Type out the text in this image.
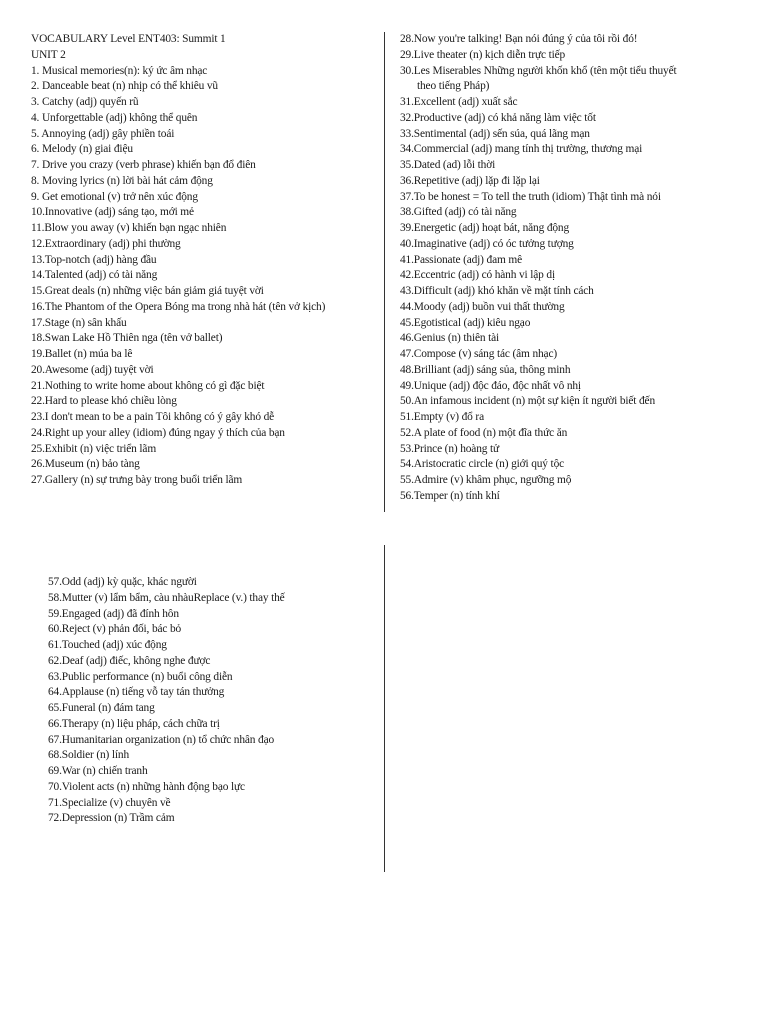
VOCABULARY Level ENT403: Summit 1
UNIT 2
1. Musical memories(n): ký ức âm nhạc
2. Danceable beat (n) nhịp có thể khiêu vũ
3. Catchy (adj) quyến rũ
4. Unforgettable (adj) không thể quên
5. Annoying (adj) gây phiền toái
6. Melody (n) giai điệu
7. Drive you crazy (verb phrase) khiến bạn đổ điên
8. Moving lyrics (n) lời bài hát cảm động
9. Get emotional (v) trở nên xúc động
10.Innovative (adj) sáng tạo, mới mẻ
11.Blow you away (v) khiến bạn ngạc nhiên
12.Extraordinary (adj) phi thường
13.Top-notch (adj) hàng đầu
14.Talented (adj) có tài năng
15.Great deals (n) những việc bán giảm giá tuyệt vời
16.The Phantom of the Opera Bóng ma trong nhà hát (tên vở kịch)
17.Stage (n) sân khấu
18.Swan Lake Hồ Thiên nga (tên vở ballet)
19.Ballet (n) múa ba lê
20.Awesome (adj) tuyệt vời
21.Nothing to write home about không có gì đặc biệt
22.Hard to please khó chiều lòng
23.I don't mean to be a pain Tôi không có ý gây khó dễ
24.Right up your alley (idiom) đúng ngay ý thích của bạn
25.Exhibit (n) việc triển lãm
26.Museum (n) bảo tàng
27.Gallery (n) sự trưng bày trong buổi triển lãm
28.Now you're talking! Bạn nói đúng ý của tôi rồi đó!
29.Live theater (n) kịch diễn trực tiếp
30.Les Miserables Những người khốn khổ (tên một tiểu thuyết
theo tiếng Pháp)
31.Excellent (adj) xuất sắc
32.Productive (adj) có khả năng làm việc tốt
33.Sentimental (adj) sến súa, quá lãng mạn
34.Commercial (adj) mang tính thị trường, thương mại
35.Dated (ad) lỗi thời
36.Repetitive (adj) lặp đi lặp lại
37.To be honest = To tell the truth (idiom) Thật tình mà nói
38.Gifted (adj) có tài năng
39.Energetic (adj) hoạt bát, năng động
40.Imaginative (adj) có óc tưởng tượng
41.Passionate (adj) đam mê
42.Eccentric (adj) có hành vi lập dị
43.Difficult (adj) khó khăn về mặt tính cách
44.Moody (adj) buồn vui thất thường
45.Egotistical (adj) kiêu ngạo
46.Genius (n) thiên tài
47.Compose (v) sáng tác (âm nhạc)
48.Brilliant (adj) sáng sủa, thông minh
49.Unique (adj) độc đáo, độc nhất vô nhị
50.An infamous incident (n) một sự kiện ít người biết đến
51.Empty (v) đổ ra
52.A plate of food (n) một đĩa thức ăn
53.Prince (n) hoàng tử
54.Aristocratic circle (n) giới quý tộc
55.Admire (v) khâm phục, ngưỡng mộ
56.Temper (n) tính khí
57.Odd (adj) kỳ quặc, khác người
58.Mutter (v) lẩm bẩm, càu nhàuReplace (v.) thay thế
59.Engaged (adj) đã đính hôn
60.Reject (v) phản đối, bác bỏ
61.Touched (adj) xúc động
62.Deaf (adj) điếc, không nghe được
63.Public performance (n) buổi công diễn
64.Applause (n) tiếng vỗ tay tán thưởng
65.Funeral (n) đám tang
66.Therapy (n) liệu pháp, cách chữa trị
67.Humanitarian organization (n) tổ chức nhân đạo
68.Soldier (n) lính
69.War (n) chiến tranh
70.Violent acts (n) những hành động bạo lực
71.Specialize (v) chuyên về
72.Depression (n) Trầm cảm
